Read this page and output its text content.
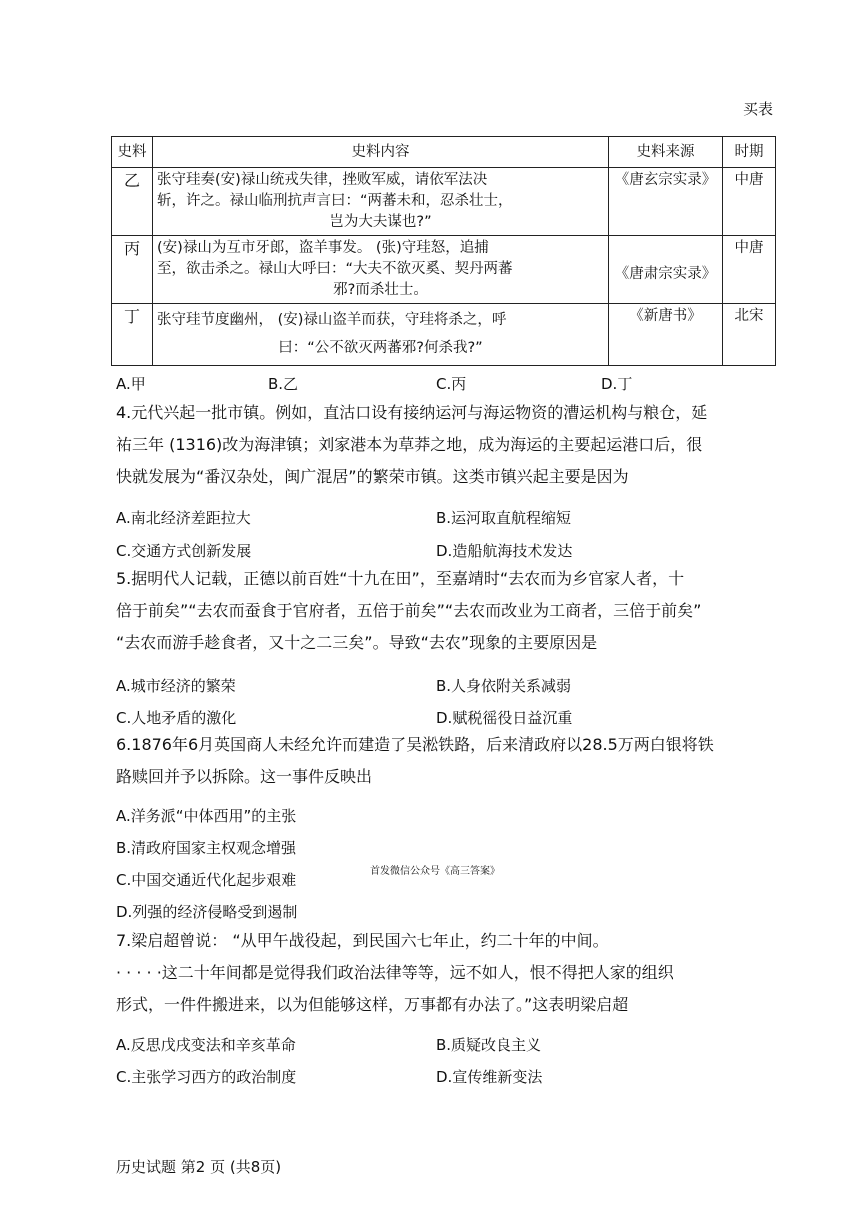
买表
史料	史料内容	史料来源	时期
乙	张守珪奏(安)禄山统戎失律，挫败军威，请依军法决
斩，许之。禄山临刑抗声言曰：“两蕃未和，忍杀壮士，

岂为大夫谋也?”	《唐玄宗实录》	中唐
丙	(安)禄山为互市牙郎，盗羊事发。 (张)守珪怒，追捕
至，欲击杀之。禄山大呼曰：“大夫不欲灭奚、契丹两蕃

邪?而杀壮士。	《唐肃宗实录》	中唐
丁	张守珪节度幽州， (安)禄山盗羊而获，守珪将杀之，呼

曰：“公不欲灭两蕃邪?何杀我?”	《新唐书》	北宋
A.甲	B.乙	C.丙	D.丁
4.元代兴起一批市镇。例如，直沽口设有接纳运河与海运物资的漕运机构与粮仓，延
祐三年 (1316)改为海津镇；刘家港本为草莽之地，成为海运的主要起运港口后，很
快就发展为“番汉杂处，闽广混居”的繁荣市镇。这类市镇兴起主要是因为
A.南北经济差距拉大	B.运河取直航程缩短
C.交通方式创新发展	D.造船航海技术发达
5.据明代人记载，正德以前百姓“十九在田”，至嘉靖时“去农而为乡官家人者，十
倍于前矣”“去农而蚕食于官府者，五倍于前矣”“去农而改业为工商者，三倍于前矣”
“去农而游手趁食者，又十之二三矣”。导致“去农”现象的主要原因是
A.城市经济的繁荣	B.人身依附关系减弱
C.人地矛盾的激化	D.赋税徭役日益沉重
6.1876年6月英国商人未经允许而建造了吴淞铁路，后来清政府以28.5万两白银将铁
路赎回并予以拆除。这一事件反映出
A.洋务派“中体西用”的主张
B.清政府国家主权观念增强
C.中国交通近代化起步艰难
D.列强的经济侵略受到遏制
首发微信公众号《高三答案》
7.梁启超曾说： “从甲午战役起，到民国六七年止，约二十年的中间。
· · · · ·这二十年间都是觉得我们政治法律等等，远不如人，恨不得把人家的组织
形式，一件件搬进来，以为但能够这样，万事都有办法了。”这表明梁启超
A.反思戊戌变法和辛亥革命	B.质疑改良主义
C.主张学习西方的政治制度	D.宣传维新变法
历史试题 第2 页 (共8页)
